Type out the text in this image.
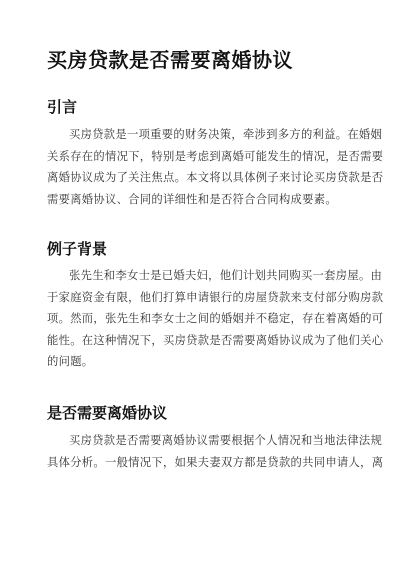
买房贷款是否需要离婚协议
引言
买房贷款是一项重要的财务决策，牵涉到多方的利益。在婚姻
关系存在的情况下，特别是考虑到离婚可能发生的情况，是否需要
离婚协议成为了关注焦点。本文将以具体例子来讨论买房贷款是否
需要离婚协议、合同的详细性和是否符合合同构成要素。
例子背景
张先生和李女士是已婚夫妇，他们计划共同购买一套房屋。由
于家庭资金有限，他们打算申请银行的房屋贷款来支付部分购房款
项。然而，张先生和李女士之间的婚姻并不稳定，存在着离婚的可
能性。在这种情况下，买房贷款是否需要离婚协议成为了他们关心
的问题。
是否需要离婚协议
买房贷款是否需要离婚协议需要根据个人情况和当地法律法规
具体分析。一般情况下，如果夫妻双方都是贷款的共同申请人，离
